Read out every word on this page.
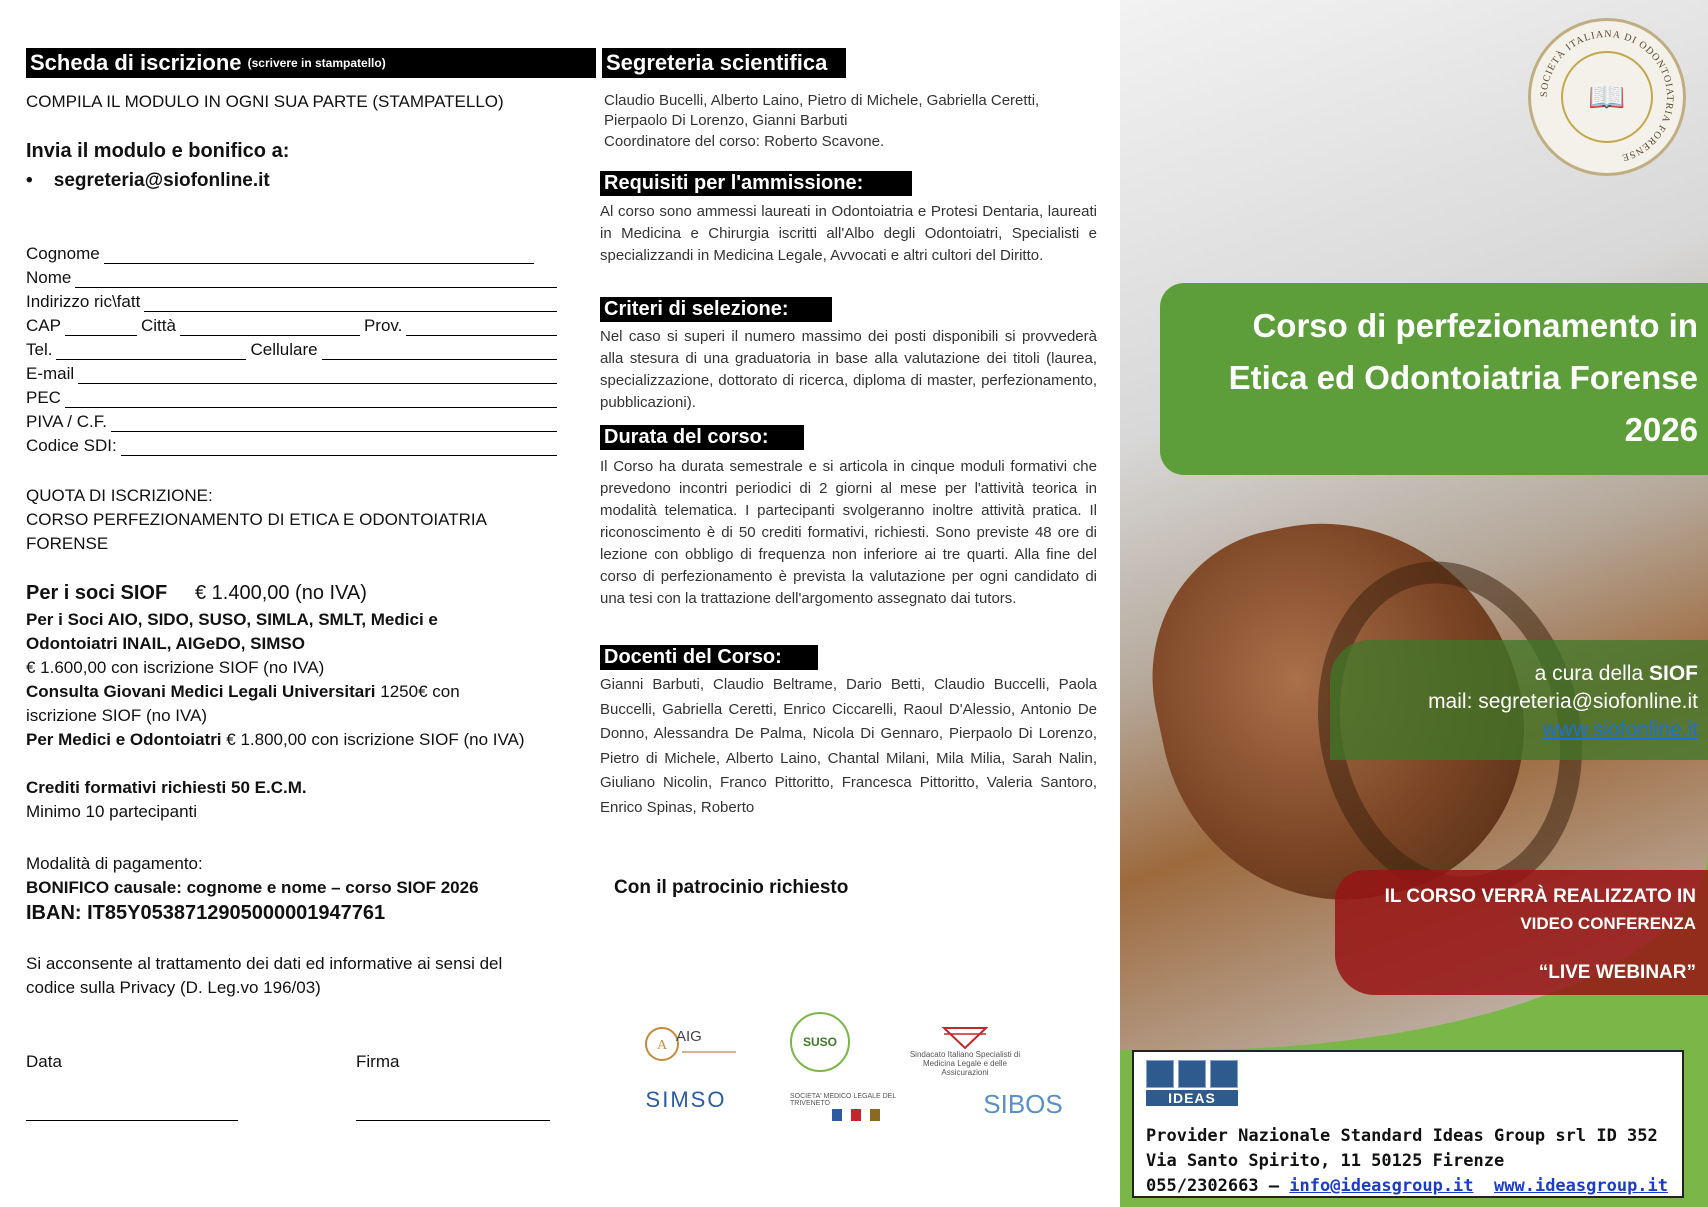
Scheda di iscrizione
(scrivere in stampatello)
COMPILA IL MODULO IN OGNI SUA PARTE (STAMPATELLO)
Invia il modulo e bonifico a:
•    segreteria@siofonline.it
Cognome
Nome
Indirizzo ric\fatt
CAP	Città	Prov.
Tel.	Cellulare
E-mail
PEC
PIVA / C.F.
Codice SDI:
QUOTA DI ISCRIZIONE:
CORSO PERFEZIONAMENTO DI ETICA E ODONTOIATRIA
FORENSE
Per i soci SIOF € 1.400,00 (no IVA)
Per i Soci AIO, SIDO, SUSO, SIMLA, SMLT, Medici e
Odontoiatri INAIL, AIGeDO, SIMSO
€ 1.600,00 con iscrizione SIOF (no IVA)
Consulta Giovani Medici Legali Universitari 1250€ con
iscrizione SIOF (no IVA)
Per Medici e Odontoiatri € 1.800,00 con iscrizione SIOF (no IVA)
Crediti formativi richiesti 50 E.C.M.
Minimo 10 partecipanti
Modalità di pagamento:
BONIFICO causale: cognome e nome – corso SIOF 2026
IBAN: IT85Y0538712905000001947761
Si acconsente al trattamento dei dati ed informative ai sensi del
codice sulla Privacy (D. Leg.vo 196/03)
Data	Firma
Segreteria scientifica
Claudio Bucelli, Alberto Laino, Pietro di Michele, Gabriella Ceretti,
Pierpaolo Di Lorenzo, Gianni Barbuti
Coordinatore del corso: Roberto Scavone.
Requisiti per l'ammissione:
Al corso sono ammessi laureati in Odontoiatria e Protesi Dentaria, laureati in Medicina e Chirurgia iscritti all'Albo degli Odontoiatri, Specialisti e specializzandi in Medicina Legale, Avvocati e altri cultori del Diritto.
Criteri di selezione:
Nel caso si superi il numero massimo dei posti disponibili si provvederà alla stesura di una graduatoria in base alla valutazione dei titoli (laurea, specializzazione, dottorato di ricerca, diploma di master, perfezionamento, pubblicazioni).
Durata del corso:
Il Corso ha durata semestrale e si articola in cinque moduli formativi che prevedono incontri periodici di 2 giorni al mese per l'attività teorica in modalità telematica. I partecipanti svolgeranno inoltre attività pratica. Il riconoscimento è di 50 crediti formativi, richiesti. Sono previste 48 ore di lezione con obbligo di frequenza non inferiore ai tre quarti. Alla fine del corso di perfezionamento è prevista la valutazione per ogni candidato di una tesi con la trattazione dell'argomento assegnato dai tutors.
Docenti del Corso:
Gianni Barbuti, Claudio Beltrame, Dario Betti, Claudio Buccelli, Paola Buccelli, Gabriella Ceretti, Enrico Ciccarelli, Raoul D'Alessio, Antonio De Donno, Alessandra De Palma, Nicola Di Gennaro, Pierpaolo Di Lorenzo, Pietro di Michele, Alberto Laino, Chantal Milani, Mila Milia, Sarah Nalin, Giuliano Nicolin, Franco Pittoritto, Francesca Pittoritto, Valeria Santoro, Enrico Spinas, Roberto
Con il patrocinio richiesto
A
AIG	SUSO
Sindacato Italiano Specialisti di Medicina Legale e delle Assicurazioni
SIMSO	SOCIETA' MEDICO LEGALE DEL TRIVENETO	SIBOS
SOCIETÀ ITALIANA DI ODONTOIATRIA FORENSE
📖
Corso di perfezionamento in
Etica ed Odontoiatria Forense
2026
a cura della SIOF
mail: segreteria@siofonline.it
www.siofonline.it
IL CORSO VERRÀ REALIZZATO IN
VIDEO CONFERENZA
“LIVE WEBINAR”
IDEAS
Provider Nazionale Standard Ideas Group srl ID 352
Via Santo Spirito, 11 50125 Firenze
055/2302663 – info@ideasgroup.it www.ideasgroup.it
